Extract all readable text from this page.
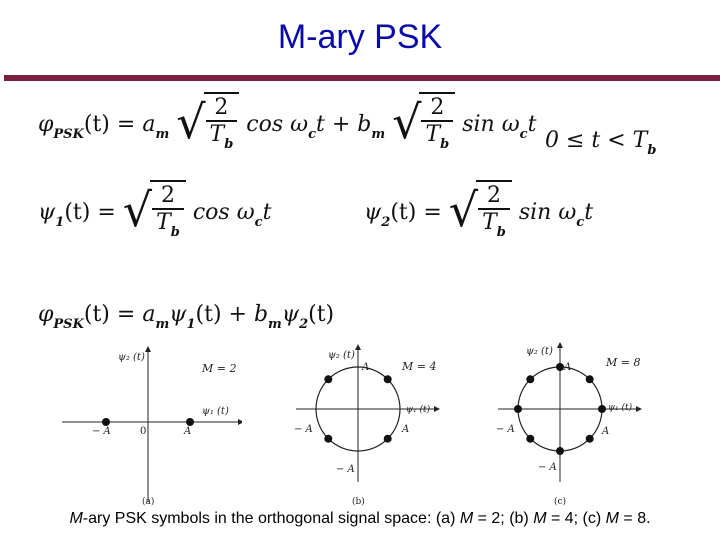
M-ary PSK
$\varphi_{PSK}(t) = a_m$ √ $\frac{2}{T_b}$ $\cos \omega_ct + b_m$ √ $\frac{2}{T_b}$ $\sin \omega_ct$
$0 \le t < T_b$
$\psi_1(t)$ = √ $\frac{2}{T_b}$ $\cos \omega_ct$	$\psi_2(t)$ = √ $\frac{2}{T_b}$ $\sin \omega_ct$
$\varphi_{PSK}(t) = a_m\psi_1(t) + b_m\psi_2(t)$
ψ₂ (t)
ψ₁ (t)
M = 2
− A	A
0
(a)
ψ₂ (t)
ψ₁ (t)
M = 4
A
− A
− A	A
(b)
ψ₂ (t)
ψ₁ (t)
M = 8
A
− A
− A	A
(c)
M-ary PSK symbols in the orthogonal signal space: (a) M = 2; (b) M = 4; (c) M = 8.
